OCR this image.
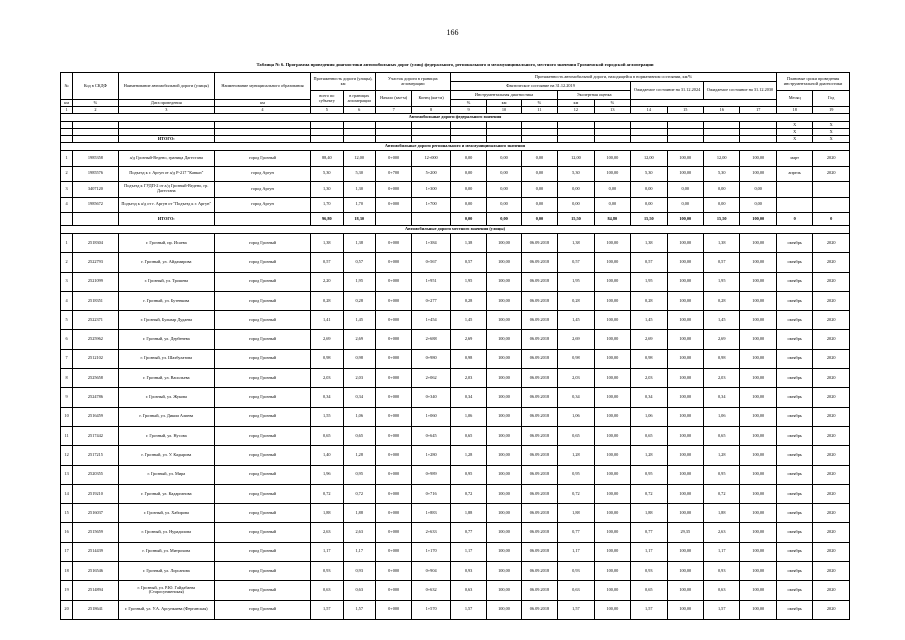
166
Таблица № 6. Программа проведения диагностики автомобильных дорог (улиц) федерального, регионального и межмуниципального, местного значения Грозненской городской агломерации
№	Код в СКДФ	Наименование автомобильной дороги (улицы)	Наименование муниципального образования	Протяженность дороги (улицы), км		Участок дороги в границах агломерации		Протяженность автомобильной дороги, находящейся в нормативном состоянии, км/%									Плановые сроки проведения инструментальной диагностики	
								Фактическое состояние на 31.12.2019					Ожидаемое состояние на 31.12.2024		Ожидаемое состояние на 31.12.2030			
				всего по субъекту	в границах агломерации	Начало (км+м)	Конец (км+м)	Инструментальная диагностика			Экспертная оценка						Месяц	Год
км	%	Дата проведения	км					%	км	%	км	%						
1	2	3	4	5	6	7	8	9	10	11	12	13	14	15	16	17	18	19
Автомобильные дороги федерального значения																		
																	Х	Х
																	Х	Х
		ИТОГО:															Х	Х
Автомобильные дороги регионального и межмуниципального значения																		
1	1985358	а/д Грозный-Ведено, граница Дагестана	город Грозный	88,40	12,00	0+000	12+000	0,00	0,00	0,00	12,00	100,00	12,00	100,00	12,00	100,00	март	2020
2	1985576	Подъезд к г. Аргун от а/д Р-217 "Кавказ"	город Аргун	5,30	5,30	0+700	5+200	0,00	0,00	0,00	5,30	100,00	5,30	100,00	5,30	100,00	апрель	2020
3	3407120	Подъезд к ГУДП-2 от а/д Грозный-Ведено, гр. Дагестана	город Аргун	1,30	1,30	0+000	1+300	0,00	0,00	0,00	0,00	0,00	0,00	0,00	0,00	0,00		
4	1985672	Подъезд к а/д от г. Аргун от "Подъезд к г. Аргун"	город Аргун	1,70	1,70	0+000	1+700	0,00	0,00	0,00	0,00	0,00	0,00	0,00	0,00	0,00		
		ИТОГО:		96,80	18,30			0,00	0,00	0,00	15,50	84,80	15,50	100,00	15,50	100,00	0	0
Автомобильные дороги местного значения (улицы)																		
1	2518304	г. Грозный, пр. Исаева	город Грозный	1,38	1,38	0+000	1+384	1,38	100,00	06.09.2018	1,38	100,00	1,38	100,00	1,38	100,00	октябрь	2020
2	2522793	г. Грозный, ул. Айдамирова	город Грозный	0,57	0,57	0+000	0+567	0,57	100,00	06.09.2018	0,57	100,00	0,57	100,00	0,57	100,00	октябрь	2020
3	2521099	г. Грозный, ул. Трошева	город Грозный	2,20	1,95	0+000	1+951	1,95	100,00	06.09.2018	1,95	100,00	1,95	100,00	1,95	100,00	октябрь	2020
4	2518351	г. Грозный, ул. Бутенкова	город Грозный	0,28	0,28	0+000	0+277	0,28	100,00	06.09.2018	0,28	100,00	0,28	100,00	0,28	100,00	октябрь	2020
5	2522371	г. Грозный, Бульвар Дудаева	город Грозный	1,41	1,45	0+000	1+454	1,45	100,00	06.09.2018	1,45	100,00	1,45	100,00	1,45	100,00	октябрь	2020
6	2525962	г. Грозный, ул. Дербенева	город Грозный	2,69	2,69	0+000	2+688	2,69	100,00	06.09.2018	2,69	100,00	2,69	100,00	2,69	100,00	октябрь	2020
7	2512102	г. Грозный, ул. Шахбулатова	город Грозный	0,98	0,98	0+000	0+980	0,98	100,00	06.09.2018	0,98	100,00	0,98	100,00	0,98	100,00	октябрь	2020
8	2525658	г. Грозный, ул. Васильева	город Грозный	2,03	2,03	0+000	2+062	2,03	100,00	06.09.2018	2,03	100,00	2,03	100,00	2,03	100,00	октябрь	2020
9	2524786	г. Грозный, ул. Жукова	город Грозный	0,34	0,34	0+000	0+340	0,34	100,00	06.09.2018	0,34	100,00	0,34	100,00	0,34	100,00	октябрь	2020
10	2516459	г. Грозный, ул. Дикии Алиева	город Грозный	1,55	1,06	0+000	1+060	1,06	100,00	06.09.2018	1,06	100,00	1,06	100,00	1,06	100,00	октябрь	2020
11	2517442	г. Грозный, ул. Нусова	город Грозный	0,65	0,65	0+000	0+645	0,65	100,00	06.09.2018	0,65	100,00	0,65	100,00	0,65	100,00	октябрь	2020
12	2517215	г. Грозный, ул. У. Кадырова	город Грозный	1,40	1,28	0+000	1+280	1,28	100,00	06.09.2018	1,28	100,00	1,28	100,00	1,28	100,00	октябрь	2020
13	2520355	г. Грозный, ул. Мира	город Грозный	1,96	0,95	0+000	0+989	0,95	100,00	06.09.2018	0,95	100,00	0,95	100,00	0,95	100,00	октябрь	2020
14	2519210	г. Грозный, ул. Кадарганова	город Грозный	0,72	0,72	0+000	0+716	0,72	100,00	06.09.2018	0,72	100,00	0,72	100,00	0,72	100,00	октябрь	2020
15	2516037	г. Грозный, ул. Хабирова	город Грозный	1,88	1,88	0+000	1+883	1,88	100,00	06.09.2018	1,88	100,00	1,88	100,00	1,88	100,00	октябрь	2020
16	2515659	г. Грозный, ул. Нурадилова	город Грозный	2,63	2,63	0+000	2+633	0,77	100,00	06.09.2018	0,77	100,00	0,77	29,35	2,63	100,00	октябрь	2020
17	2514439	г. Грозный, ул. Митрохова	город Грозный	1,17	1,17	0+000	1+170	1,17	100,00	06.09.2018	1,17	100,00	1,17	100,00	1,17	100,00	октябрь	2020
18	2516546	г. Грозный, ул. Лорсанова	город Грозный	0,93	0,93	0+000	0+904	0,93	100,00	06.09.2018	0,93	100,00	0,93	100,00	0,93	100,00	октябрь	2020
19	2514894	г. Грозный, ул. Р.Ю. Гайдабаева (Старосунженская)	город Грозный	0,63	0,63	0+000	0+632	0,63	100,00	06.09.2018	0,63	100,00	0,65	100,00	0,63	100,00	октябрь	2020
20	2518641	г. Грозный, ул. У.А. Арсункаева (Ферганская)	город Грозный	1,57	1,57	0+000	1+570	1,57	100,00	06.09.2018	1,57	100,00	1,57	100,00	1,57	100,00	октябрь	2020
